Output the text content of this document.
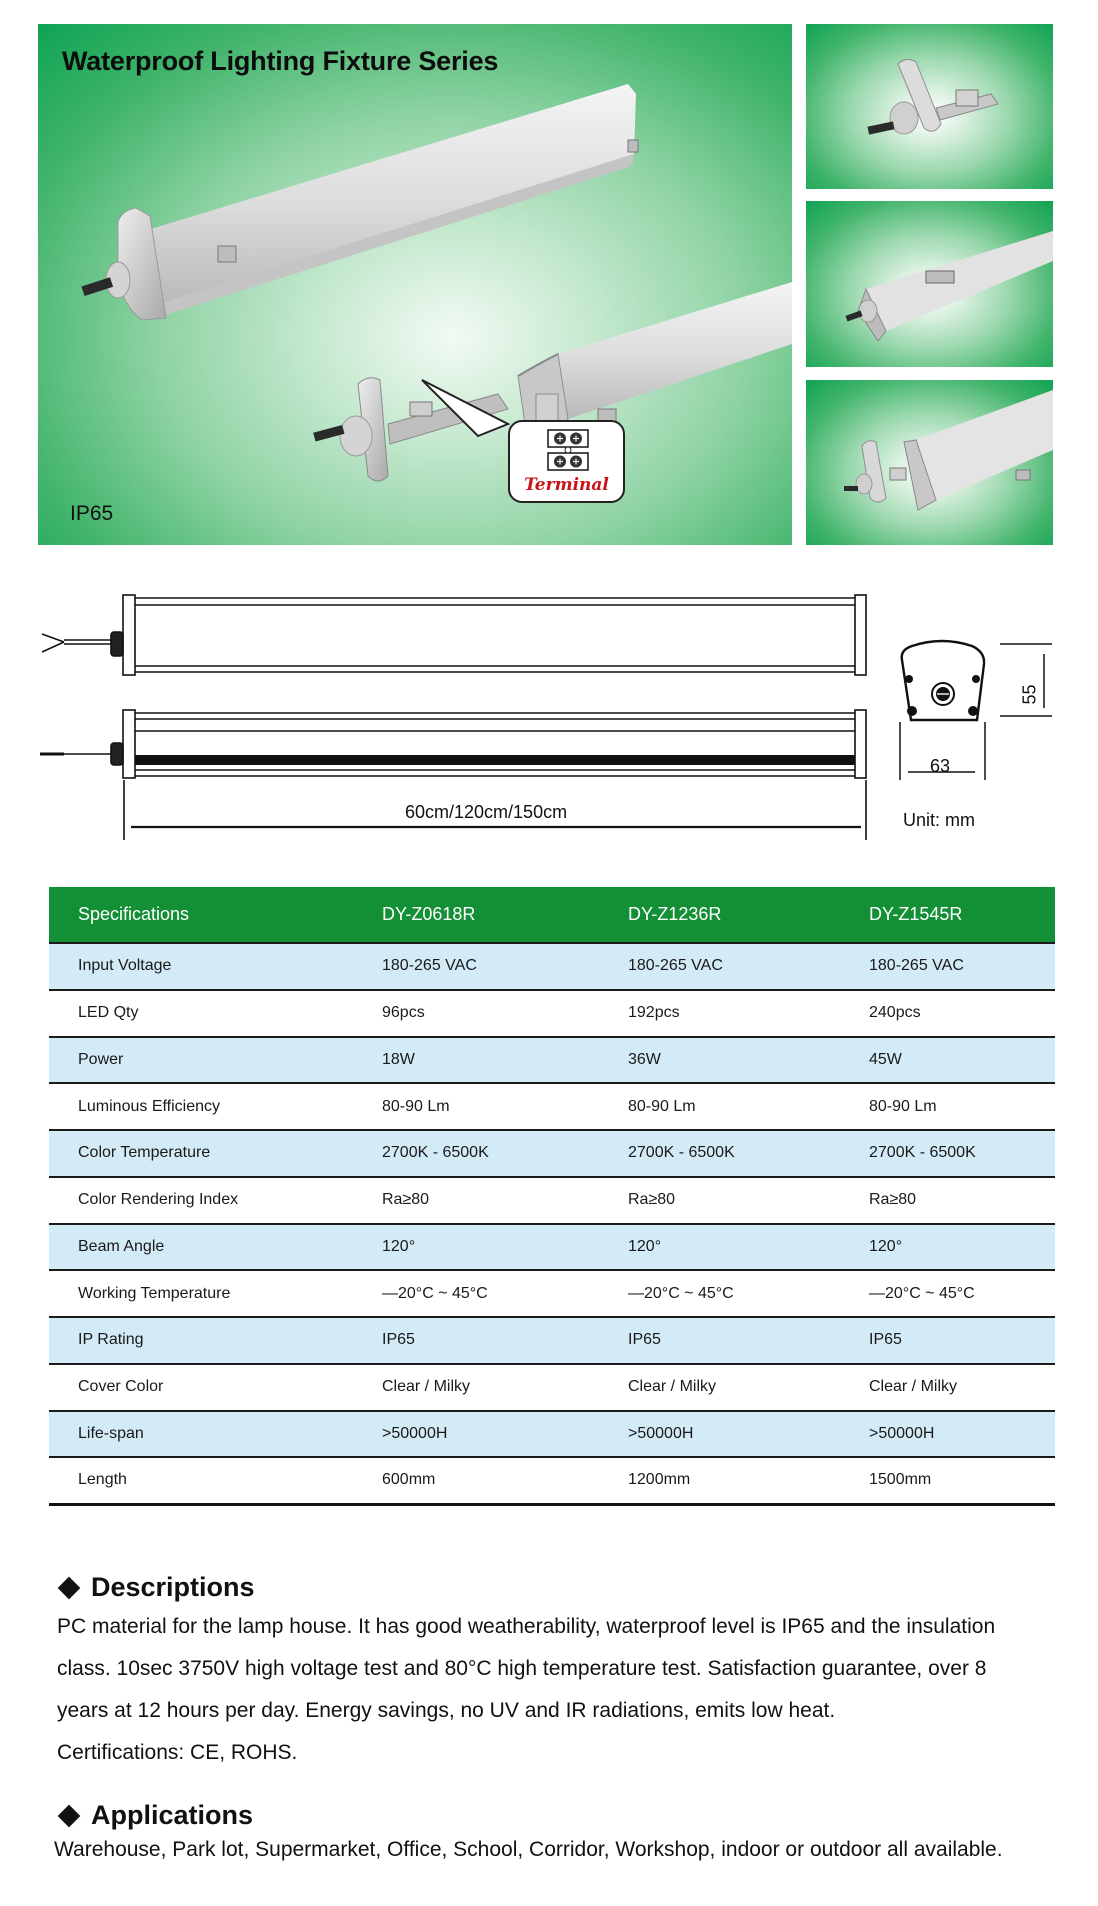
Waterproof Lighting Fixture Series
IP65
Terminal
60cm/120cm/150cm
55
63
Unit: mm
Specifications	DY-Z0618R	DY-Z1236R	DY-Z1545R
Input Voltage	180-265 VAC	180-265 VAC	180-265 VAC
LED Qty	96pcs	192pcs	240pcs
Power	18W	36W	45W
Luminous Efficiency	80-90 Lm	80-90 Lm	80-90 Lm
Color Temperature	2700K - 6500K	2700K - 6500K	2700K - 6500K
Color Rendering Index	Ra≥80	Ra≥80	Ra≥80
Beam Angle	120°	120°	120°
Working Temperature	—20°C ~ 45°C	—20°C ~ 45°C	—20°C ~ 45°C
IP Rating	IP65	IP65	IP65
Cover Color	Clear / Milky	Clear / Milky	Clear / Milky
Life-span	>50000H	>50000H	>50000H
Length	600mm	1200mm	1500mm
Descriptions
PC material for the lamp house. It has good weatherability, waterproof level is IP65 and the insulation
class. 10sec 3750V high voltage test and 80°C high temperature test. Satisfaction guarantee, over 8
years at 12 hours per day. Energy savings, no UV and IR radiations, emits low heat.
Certifications: CE, ROHS.
Applications
Warehouse, Park lot, Supermarket, Office, School, Corridor, Workshop, indoor or outdoor all available.
